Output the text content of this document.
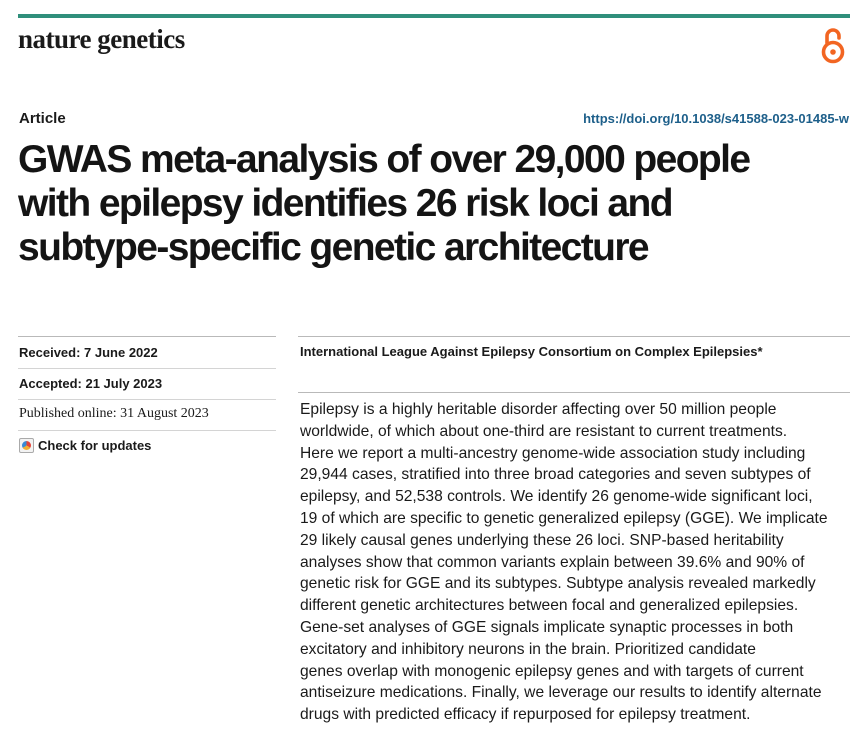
nature genetics
Article	https://doi.org/10.1038/s41588-023-01485-w
GWAS meta-analysis of over 29,000 people
with epilepsy identifies 26 risk loci and
subtype-specific genetic architecture
Received: 7 June 2022
Accepted: 21 July 2023
Published online: 31 August 2023
Check for updates
International League Against Epilepsy Consortium on Complex Epilepsies*
Epilepsy is a highly heritable disorder affecting over 50 million people
worldwide, of which about one-third are resistant to current treatments.
Here we report a multi-ancestry genome-wide association study including
29,944 cases, stratified into three broad categories and seven subtypes of
epilepsy, and 52,538 controls. We identify 26 genome-wide significant loci,
19 of which are specific to genetic generalized epilepsy (GGE). We implicate
29 likely causal genes underlying these 26 loci. SNP-based heritability
analyses show that common variants explain between 39.6% and 90% of
genetic risk for GGE and its subtypes. Subtype analysis revealed markedly
different genetic architectures between focal and generalized epilepsies.
Gene-set analyses of GGE signals implicate synaptic processes in both
excitatory and inhibitory neurons in the brain. Prioritized candidate
genes overlap with monogenic epilepsy genes and with targets of current
antiseizure medications. Finally, we leverage our results to identify alternate
drugs with predicted efficacy if repurposed for epilepsy treatment.
